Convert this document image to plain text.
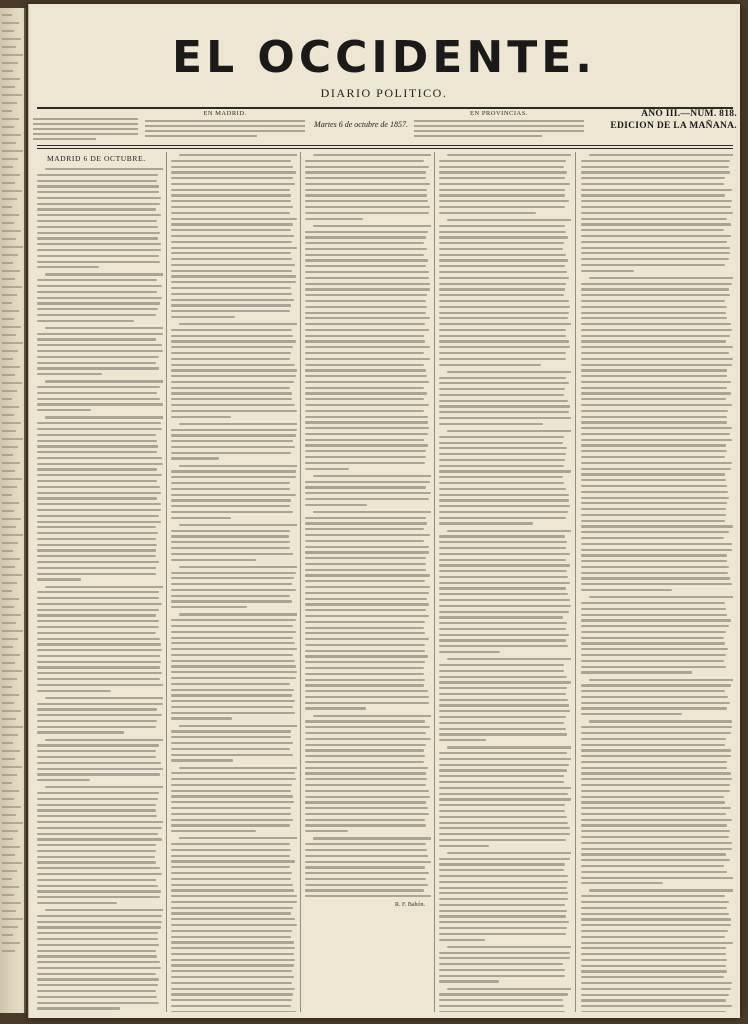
EL OCCIDENTE.
DIARIO POLITICO.
EN MADRID.
Martes 6 de octubre de 1857.
EN PROVINCIAS.	AÑO III.—NUM. 818.
EDICION DE LA MAÑANA.
MADRID 6 DE OCTUBRE.
R. F. Bahón.
